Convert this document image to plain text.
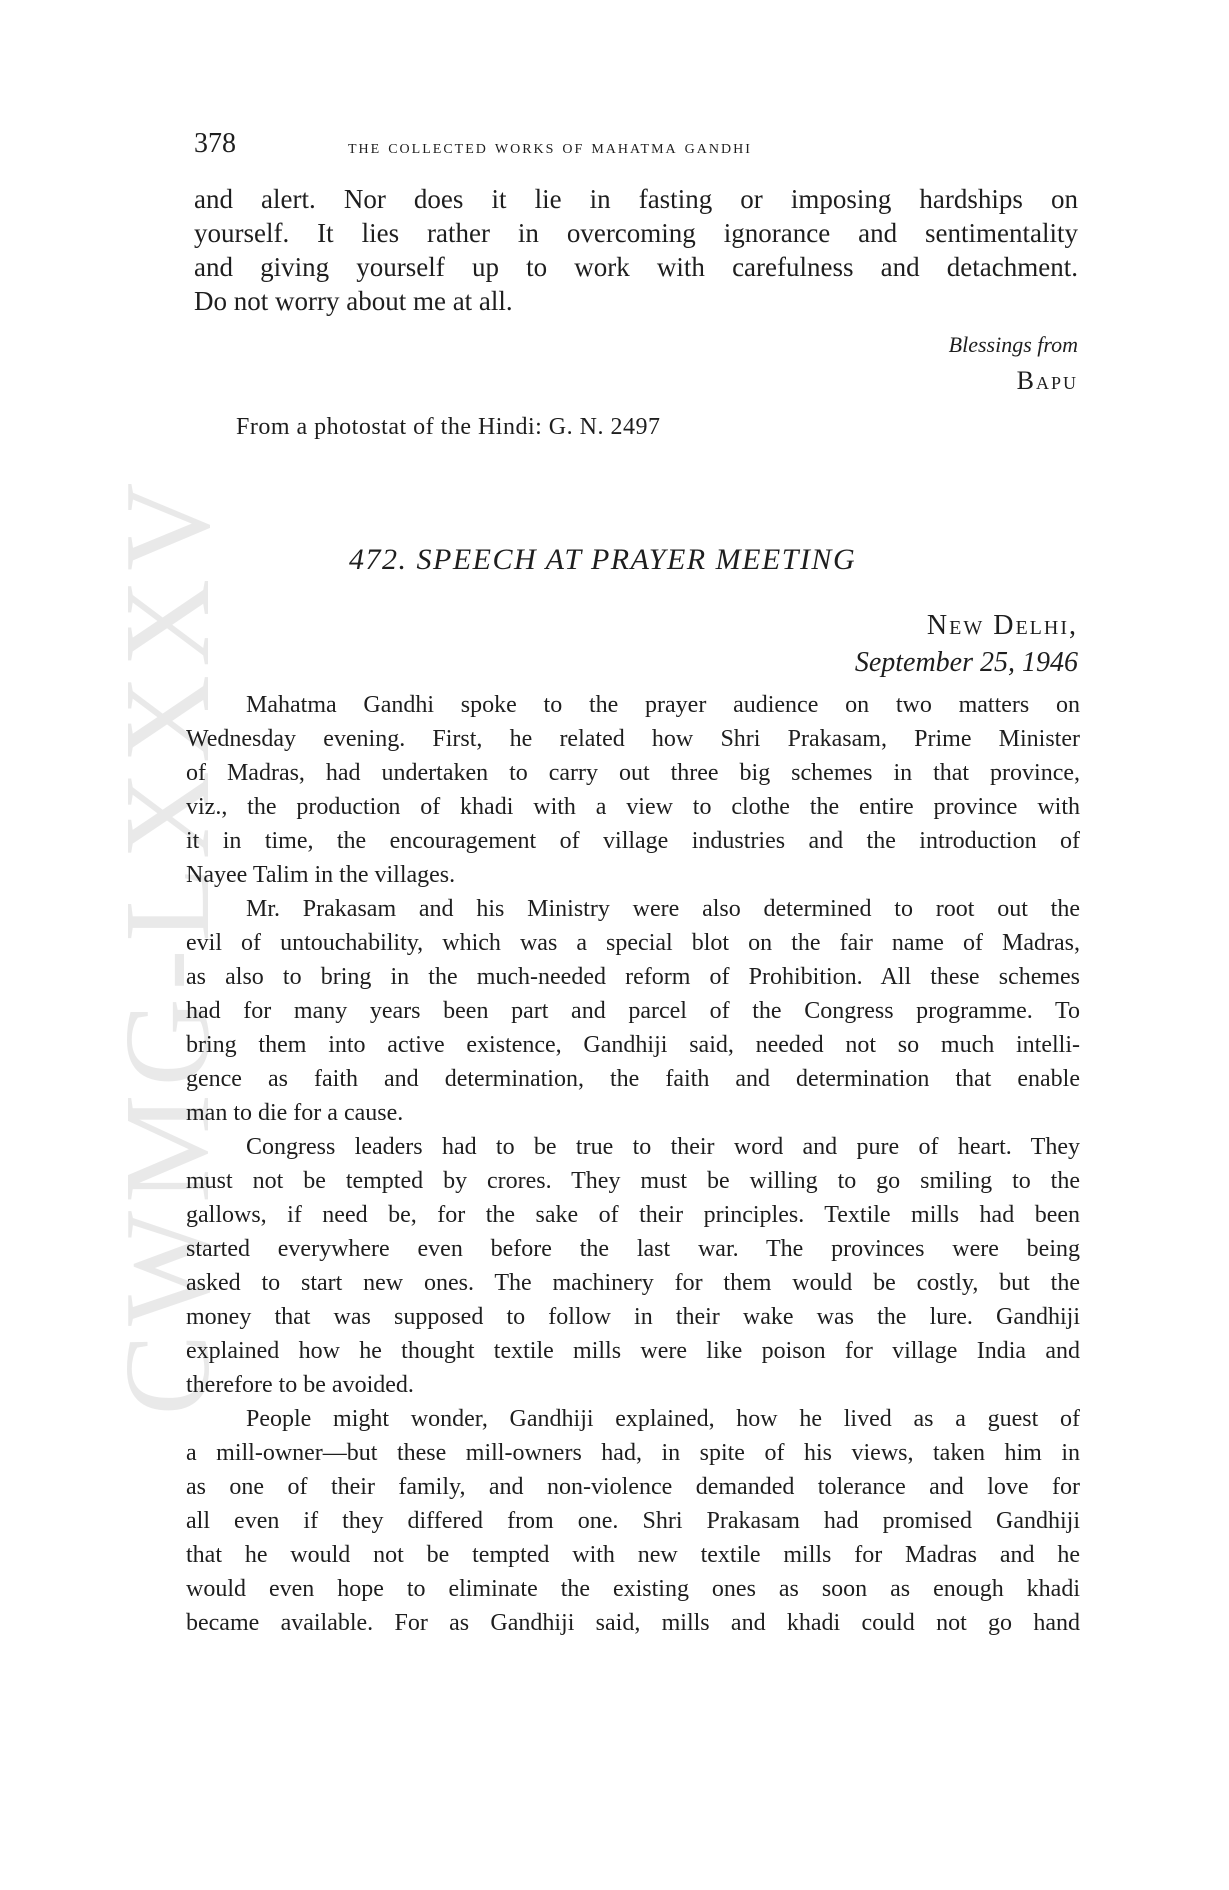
CWMG-LXXXV
378	the collected works of mahatma gandhi
and alert. Nor does it lie in fasting or imposing hardships on
yourself. It lies rather in overcoming ignorance and sentimentality
and giving yourself up to work with carefulness and detachment.
Do not worry about me at all.
Blessings from
Bapu
From a photostat of the Hindi: G. N. 2497
472. SPEECH AT PRAYER MEETING
New Delhi,
September 25, 1946
Mahatma Gandhi spoke to the prayer audience on two matters on
Wednesday evening. First, he related how Shri Prakasam, Prime Minister
of Madras, had undertaken to carry out three big schemes in that province,
viz., the production of khadi with a view to clothe the entire province with
it in time, the encouragement of village industries and the introduction of
Nayee Talim in the villages.
Mr. Prakasam and his Ministry were also determined to root out the
evil of untouchability, which was a special blot on the fair name of Madras,
as also to bring in the much-needed reform of Prohibition. All these schemes
had for many years been part and parcel of the Congress programme. To
bring them into active existence, Gandhiji said, needed not so much intelli-
gence as faith and determination, the faith and determination that enable
man to die for a cause.
Congress leaders had to be true to their word and pure of heart. They
must not be tempted by crores. They must be willing to go smiling to the
gallows, if need be, for the sake of their principles. Textile mills had been
started everywhere even before the last war. The provinces were being
asked to start new ones. The machinery for them would be costly, but the
money that was supposed to follow in their wake was the lure. Gandhiji
explained how he thought textile mills were like poison for village India and
therefore to be avoided.
People might wonder, Gandhiji explained, how he lived as a guest of
a mill-owner—but these mill-owners had, in spite of his views, taken him in
as one of their family, and non-violence demanded tolerance and love for
all even if they differed from one. Shri Prakasam had promised Gandhiji
that he would not be tempted with new textile mills for Madras and he
would even hope to eliminate the existing ones as soon as enough khadi
became available. For as Gandhiji said, mills and khadi could not go hand
